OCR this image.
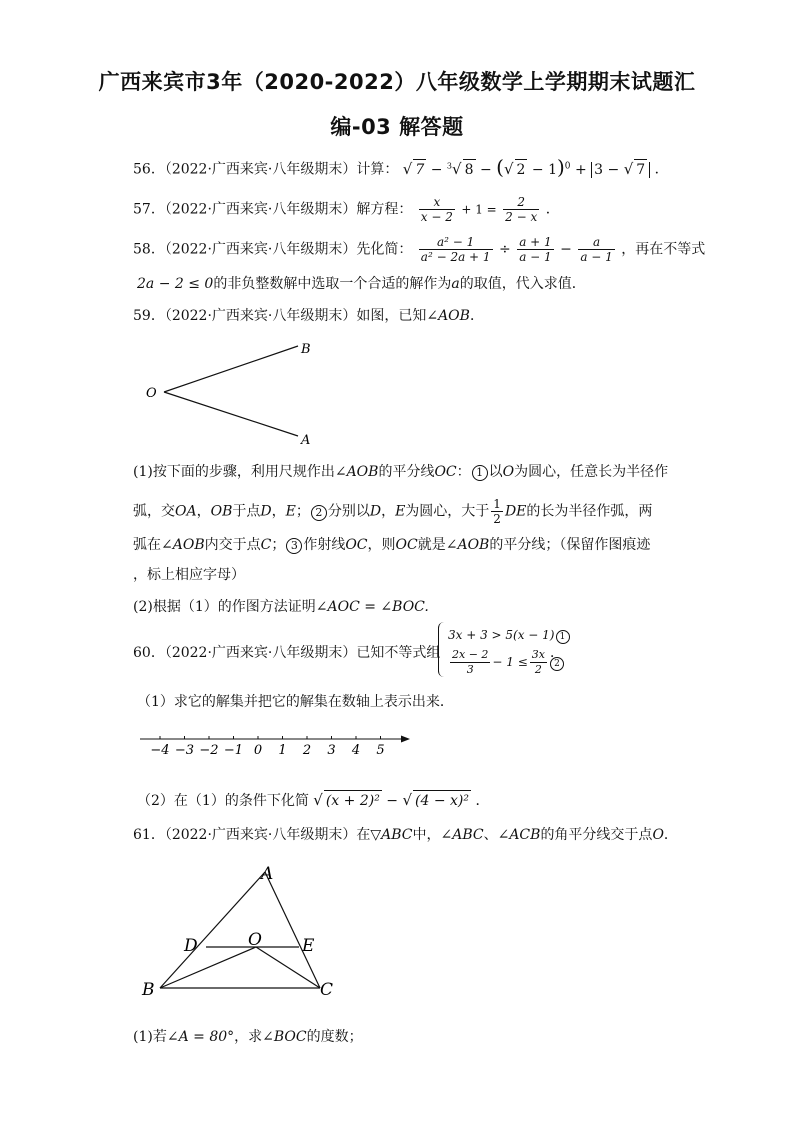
广西来宾市3年（2020-2022）八年级数学上学期期末试题汇
编-03 解答题
56．（2022·广西来宾·八年级期末）计算： √ 7 − $^3$√ 8 − (√ 2 − 1)$^0$ + 3 − √ 7 ．
57．（2022·广西来宾·八年级期末）解方程： $\frac{x}{x - 2} + 1 = \frac{2}{2 - x}$ ．
58．（2022·广西来宾·八年级期末）先化简： $\frac{\text{a² − 1}}{\text{a² − 2a + 1}} \div \frac{a + 1}{a - 1} - \frac{a}{a - 1}$ ，再在不等式
2a − 2 ≤ 0的非负整数解中选取一个合适的解作为a的取值，代入求值．
59．（2022·广西来宾·八年级期末）如图，已知∠AOB．
O
B
A
(1)按下面的步骤，利用尺规作出∠AOB的平分线OC： 1 以O为圆心，任意长为半径作
弧，交OA，OB于点D，E； 2 分别以D，E为圆心，大于 $\frac{1}{2}$ DE的长为半径作弧，两
弧在∠AOB内交于点C； 3 作射线OC，则OC就是∠AOB的平分线；（保留作图痕迹
，标上相应字母）
(2)根据（1）的作图方法证明∠AOC = ∠BOC.
60．（2022·广西来宾·八年级期末）已知不等式组
3x + 3 > 5(x − 1) 1
$\frac{2x - 2}{3} - 1 \le \frac{3x}{2} 2$
．
（1）求它的解集并把它的解集在数轴上表示出来．
−4 −3 −2 −1 0 1 2 3 4 5
（2）在（1）的条件下化简 √ (x + 2)² − √ (4 − x)² ．
61．（2022·广西来宾·八年级期末）在▽ABC中，∠ABC、∠ACB的角平分线交于点O．
A
B	C
D	E
O
(1)若∠A = 80°，求∠BOC的度数；
